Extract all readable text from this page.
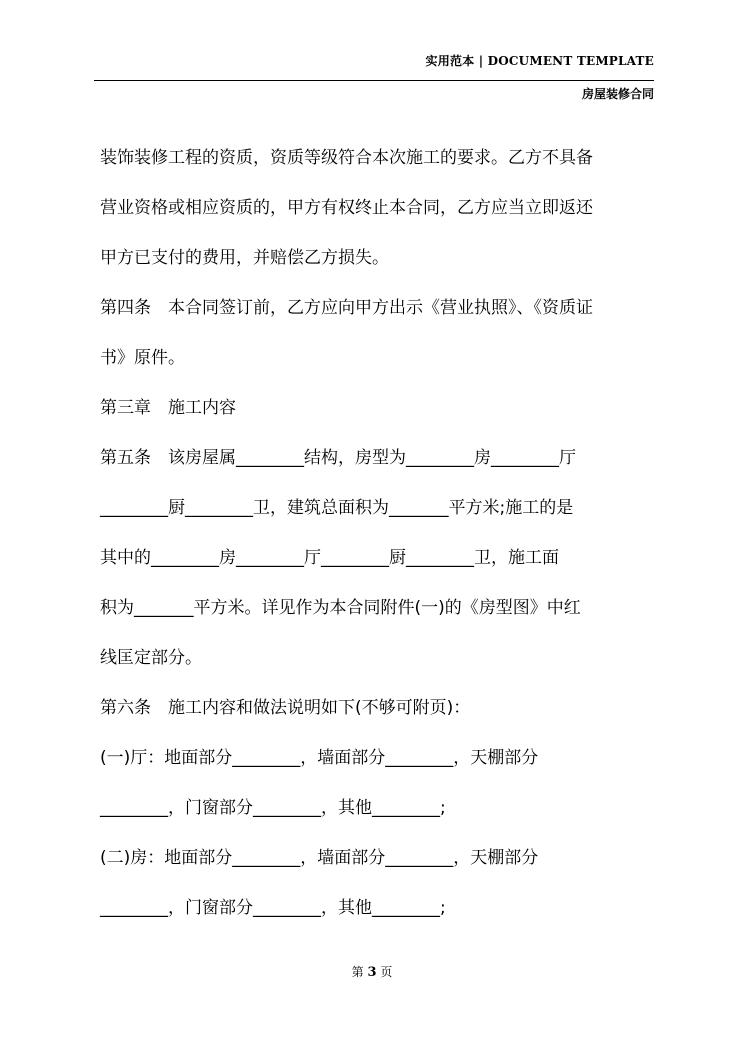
实用范本 | DOCUMENT TEMPLATE
房屋装修合同

装饰装修工程的资质，资质等级符合本次施工的要求。乙方不具备

营业资格或相应资质的，甲方有权终止本合同，乙方应当立即返还

甲方已支付的费用，并赔偿乙方损失。

第四条　本合同签订前，乙方应向甲方出示《营业执照》、《资质证

书》原件。

第三章　施工内容

第五条　该房屋属________结构，房型为________房________厅

________厨________卫，建筑总面积为_______平方米;施工的是

其中的________房________厅________厨________卫，施工面

积为_______平方米。详见作为本合同附件(一)的《房型图》中红

线匡定部分。

第六条　施工内容和做法说明如下(不够可附页)：

(一)厅：地面部分________，墙面部分________，天棚部分

________，门窗部分________，其他________;

(二)房：地面部分________，墙面部分________，天棚部分

________，门窗部分________，其他________;

第 3 页
